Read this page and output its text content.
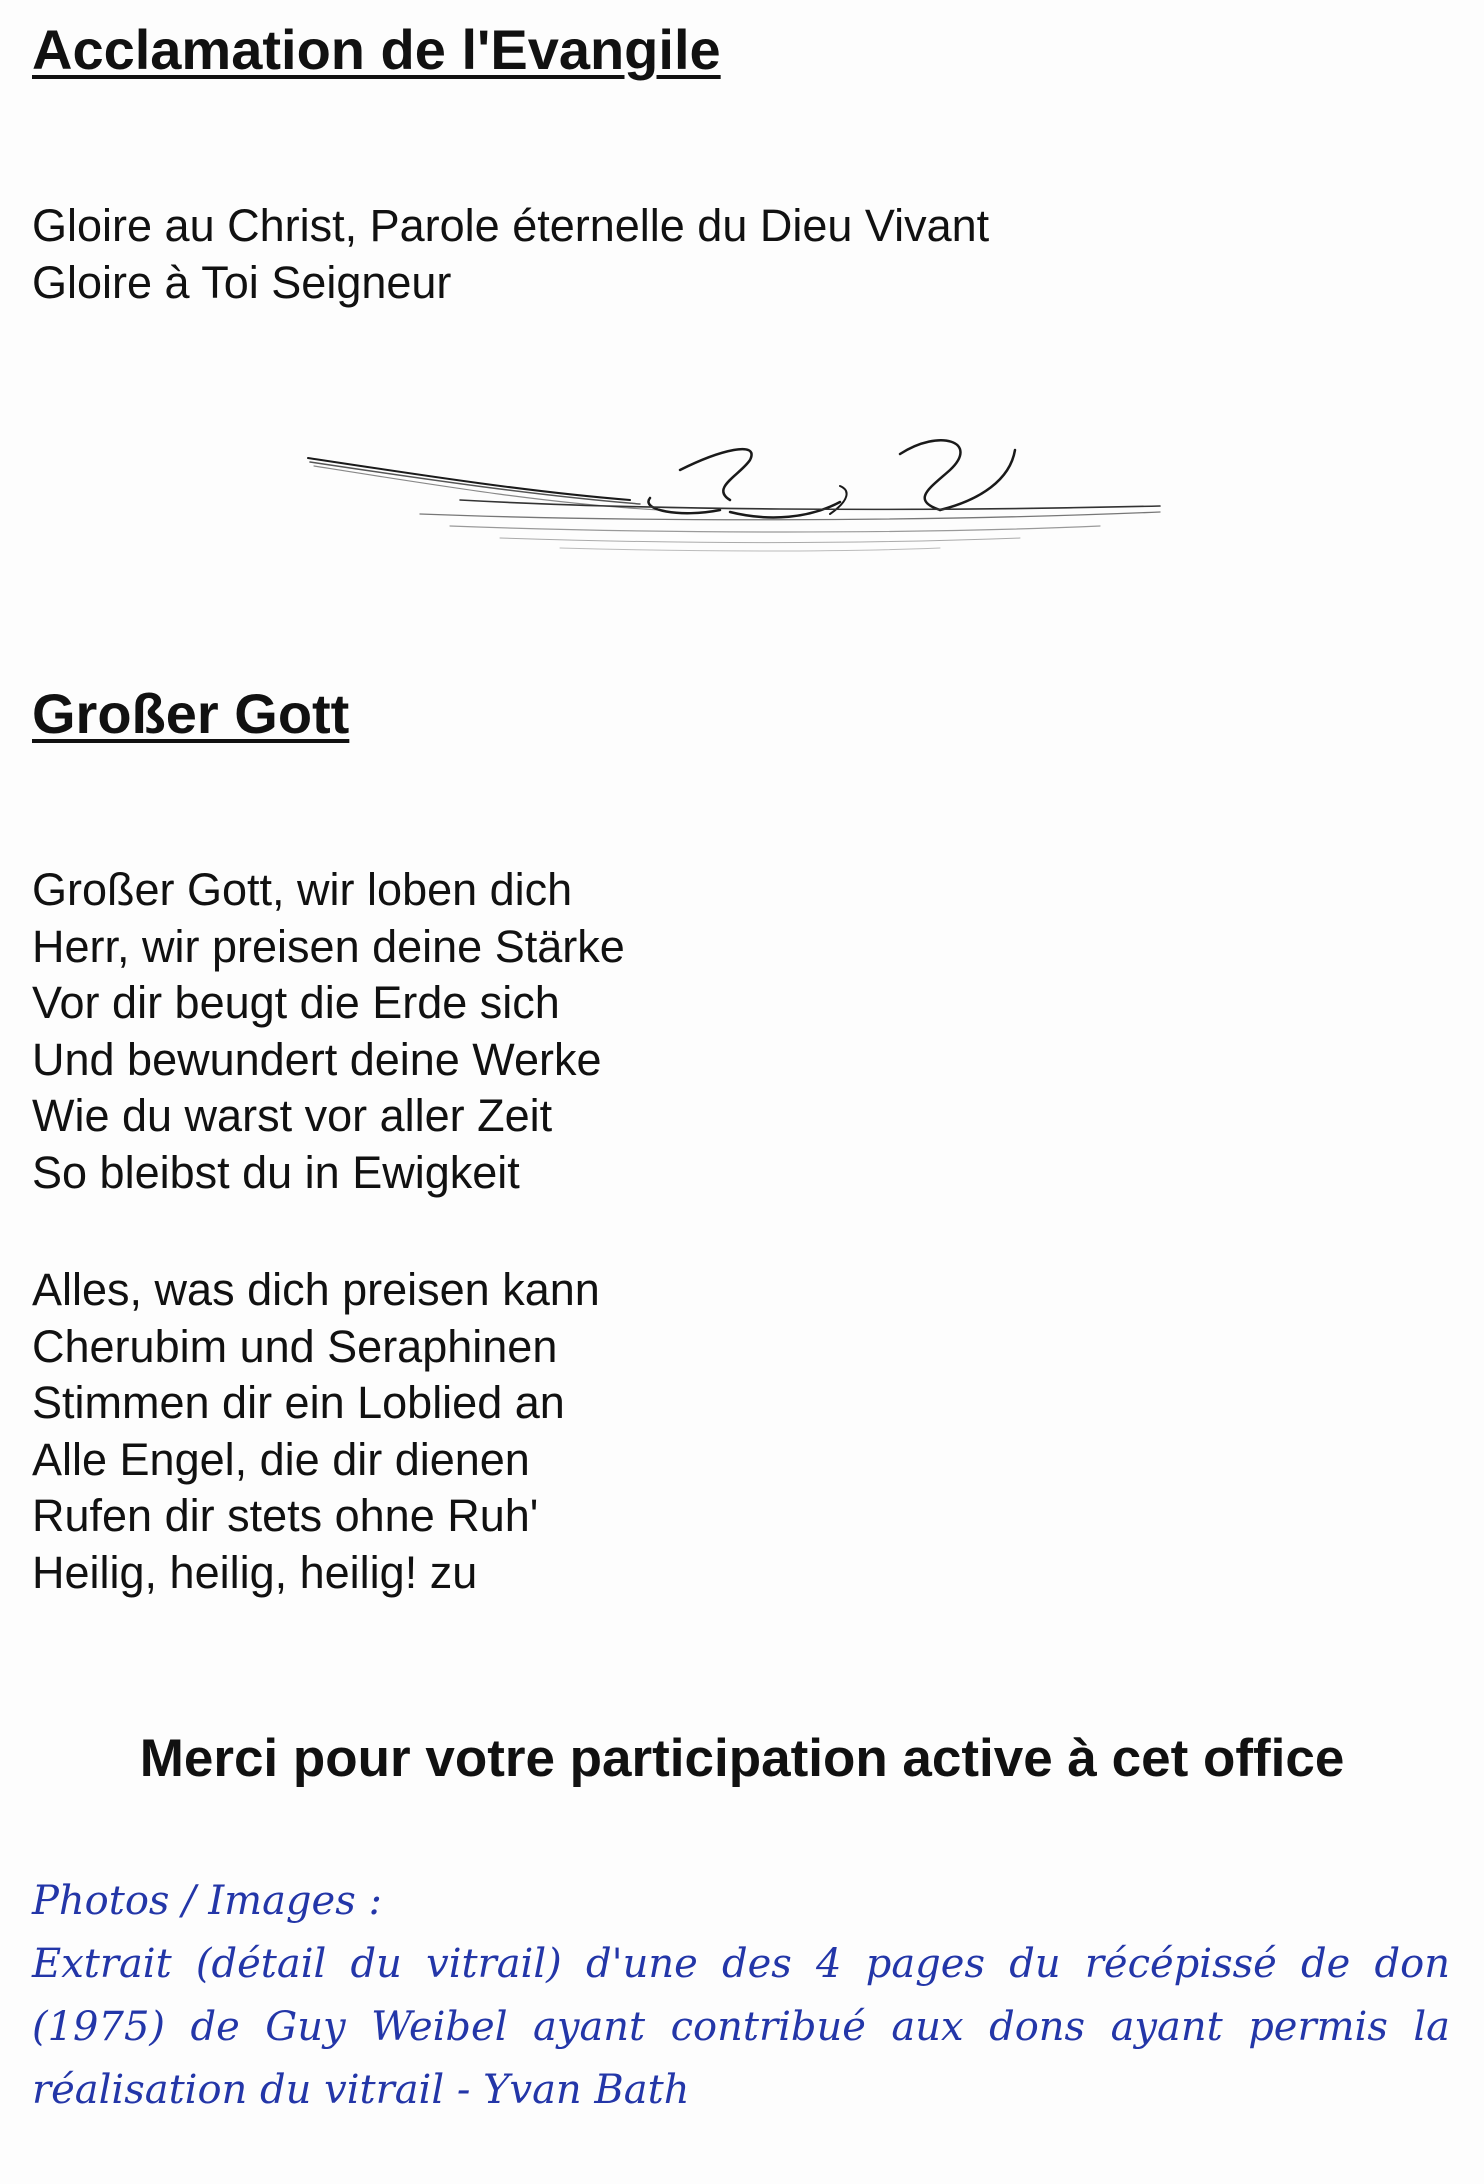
Acclamation de l'Evangile
Gloire au Christ, Parole éternelle du Dieu Vivant
Gloire à Toi Seigneur
Großer Gott
Großer Gott, wir loben dich
Herr, wir preisen deine Stärke
Vor dir beugt die Erde sich
Und bewundert deine Werke
Wie du warst vor aller Zeit
So bleibst du in Ewigkeit
Alles, was dich preisen kann
Cherubim und Seraphinen
Stimmen dir ein Loblied an
Alle Engel, die dir dienen
Rufen dir stets ohne Ruh'
Heilig, heilig, heilig! zu

Merci pour votre participation active à cet office

Photos / Images :
Extrait (détail du vitrail) d'une des 4 pages du récépissé de don (1975) de Guy Weibel ayant contribué aux dons ayant permis la réalisation du vitrail - Yvan Bath
